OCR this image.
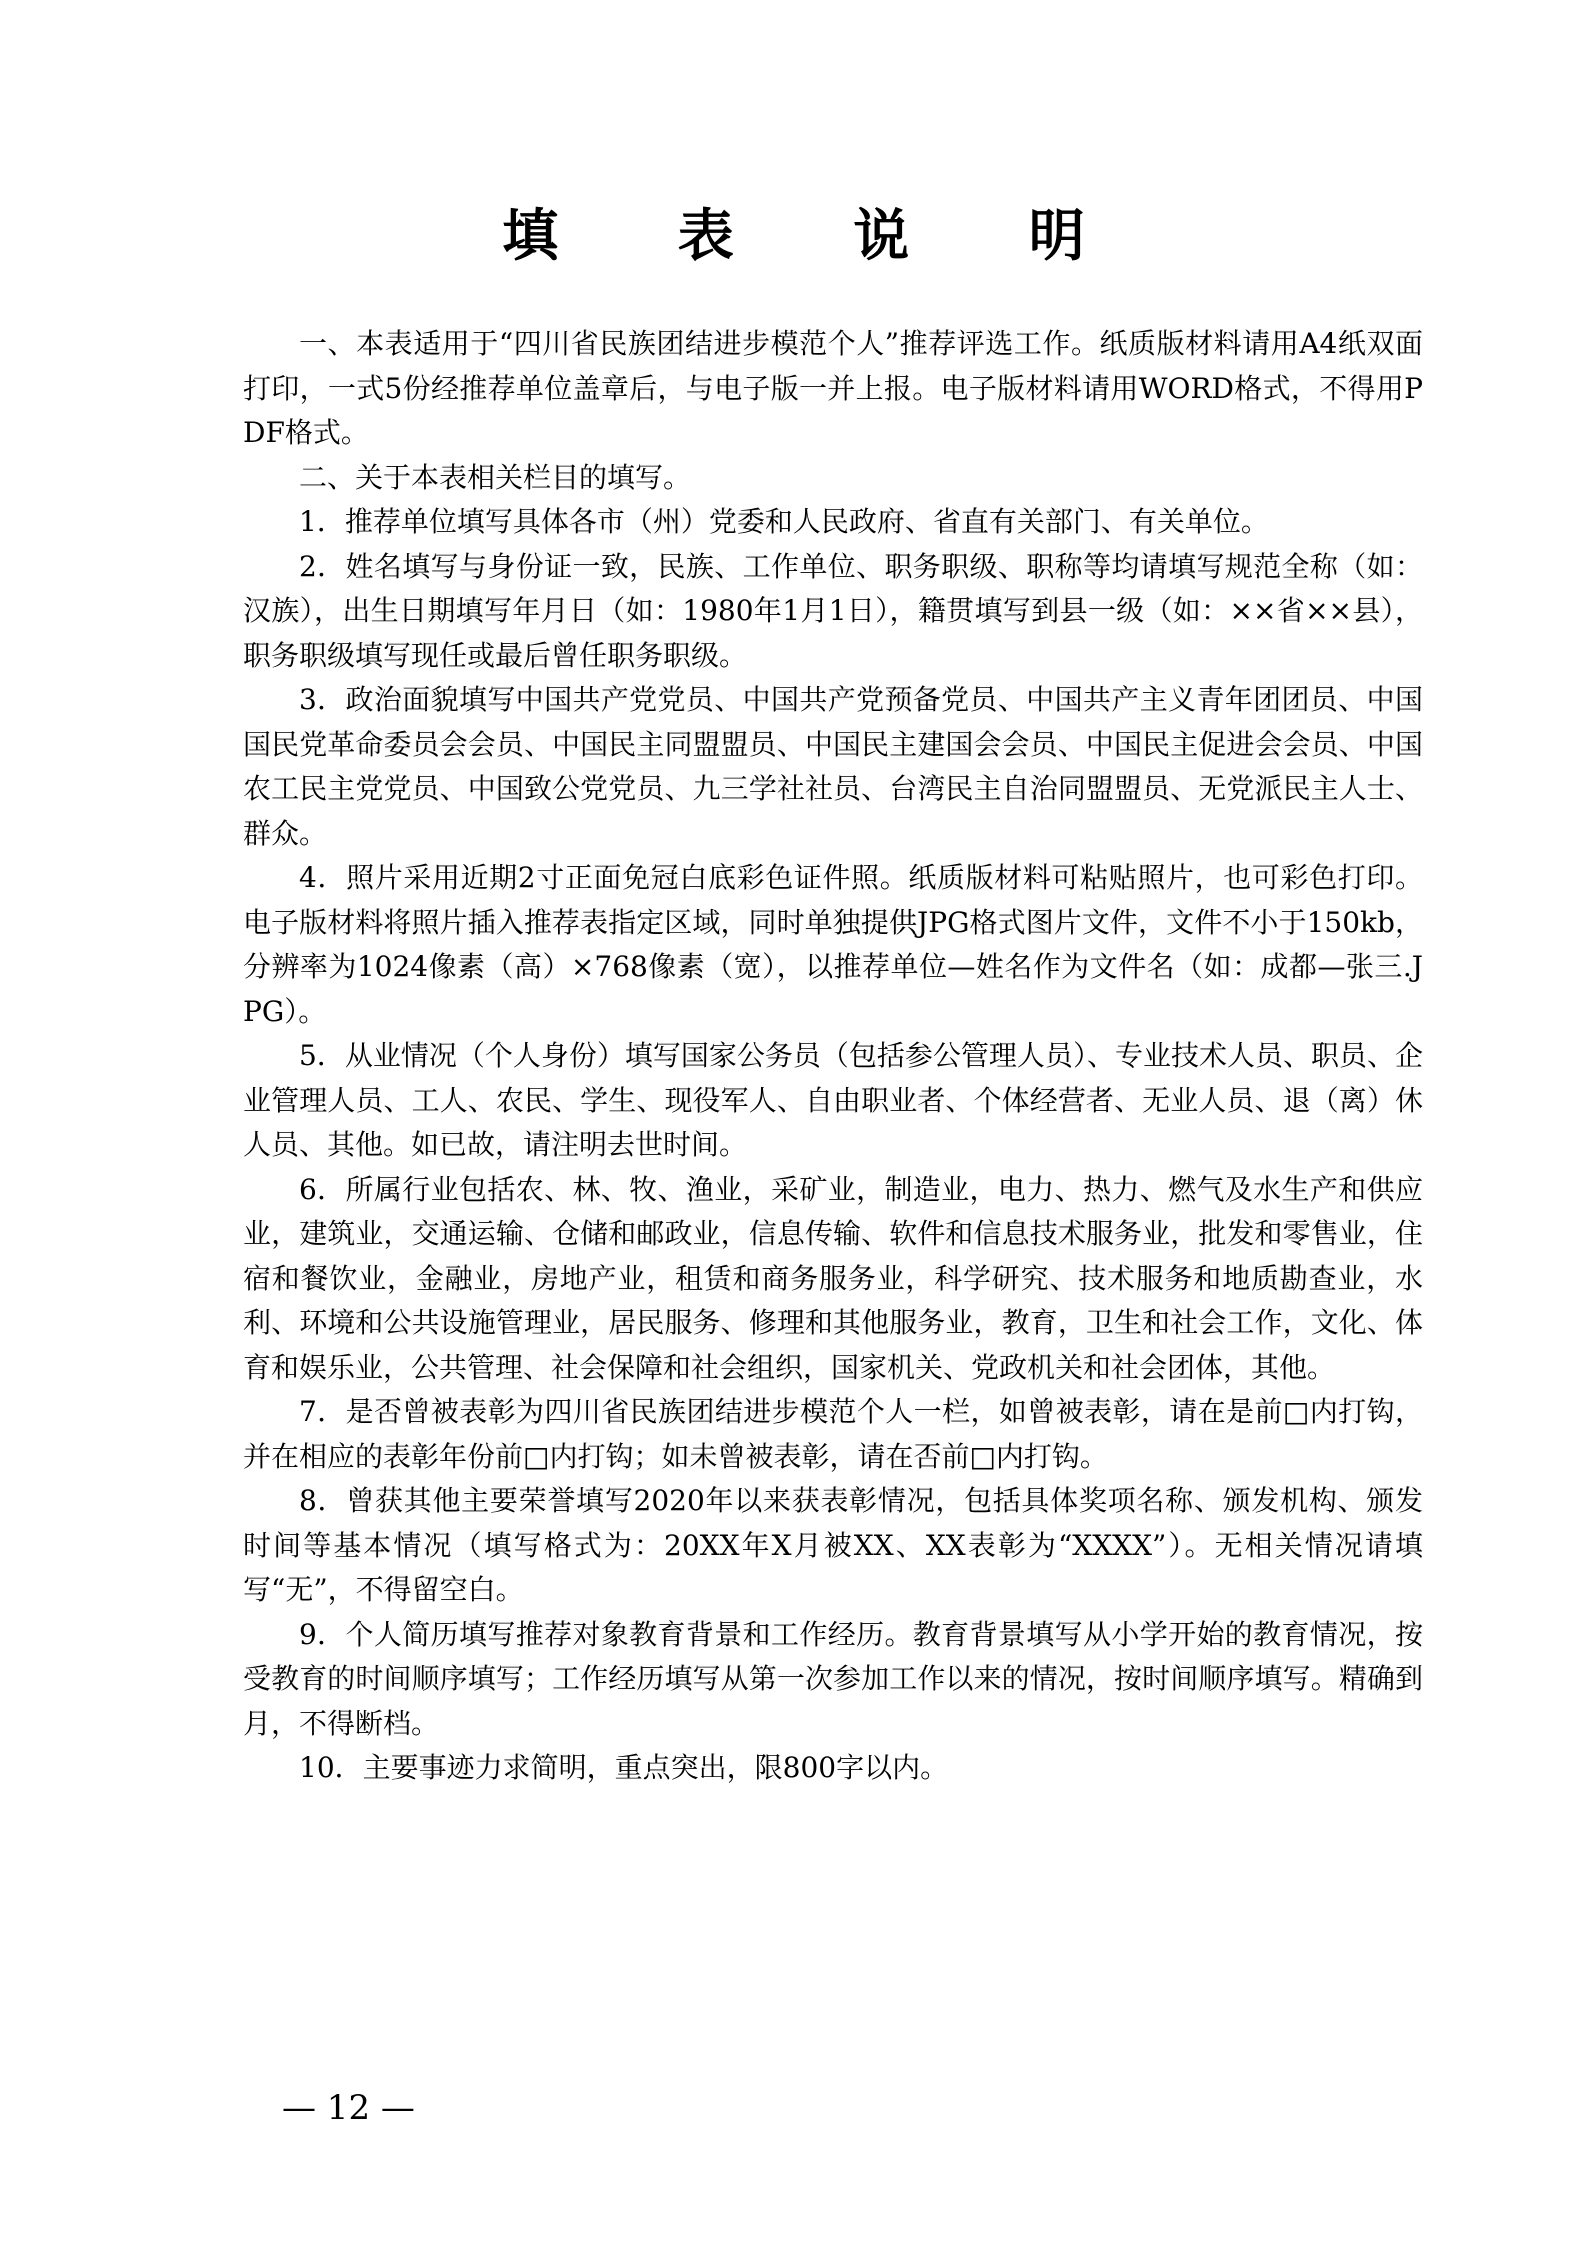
填 表 说 明

一、本表适用于“四川省民族团结进步模范个人”推荐评选工作。纸质版材料请用A4纸双面打印，一式5份经推荐单位盖章后，与电子版一并上报。电子版材料请用WORD格式，不得用PDF格式。

二、关于本表相关栏目的填写。

1．推荐单位填写具体各市（州）党委和人民政府、省直有关部门、有关单位。

2．姓名填写与身份证一致，民族、工作单位、职务职级、职称等均请填写规范全称（如：汉族），出生日期填写年月日（如：1980年1月1日），籍贯填写到县一级（如：××省××县），职务职级填写现任或最后曾任职务职级。

3．政治面貌填写中国共产党党员、中国共产党预备党员、中国共产主义青年团团员、中国国民党革命委员会会员、中国民主同盟盟员、中国民主建国会会员、中国民主促进会会员、中国农工民主党党员、中国致公党党员、九三学社社员、台湾民主自治同盟盟员、无党派民主人士、群众。

4．照片采用近期2寸正面免冠白底彩色证件照。纸质版材料可粘贴照片，也可彩色打印。电子版材料将照片插入推荐表指定区域，同时单独提供JPG格式图片文件，文件不小于150kb，分辨率为1024像素（高）×768像素（宽），以推荐单位—姓名作为文件名（如：成都—张三.JPG）。

5．从业情况（个人身份）填写国家公务员（包括参公管理人员）、专业技术人员、职员、企业管理人员、工人、农民、学生、现役军人、自由职业者、个体经营者、无业人员、退（离）休人员、其他。如已故，请注明去世时间。

6．所属行业包括农、林、牧、渔业，采矿业，制造业，电力、热力、燃气及水生产和供应业，建筑业，交通运输、仓储和邮政业，信息传输、软件和信息技术服务业，批发和零售业，住宿和餐饮业，金融业，房地产业，租赁和商务服务业，科学研究、技术服务和地质勘查业，水利、环境和公共设施管理业，居民服务、修理和其他服务业，教育，卫生和社会工作，文化、体育和娱乐业，公共管理、社会保障和社会组织，国家机关、党政机关和社会团体，其他。

7．是否曾被表彰为四川省民族团结进步模范个人一栏，如曾被表彰，请在是前□内打钩，并在相应的表彰年份前□内打钩；如未曾被表彰，请在否前□内打钩。

8．曾获其他主要荣誉填写2020年以来获表彰情况，包括具体奖项名称、颁发机构、颁发时间等基本情况（填写格式为：20XX年X月被XX、XX表彰为“XXXX”）。无相关情况请填写“无”，不得留空白。

9．个人简历填写推荐对象教育背景和工作经历。教育背景填写从小学开始的教育情况，按受教育的时间顺序填写；工作经历填写从第一次参加工作以来的情况，按时间顺序填写。精确到月，不得断档。

10．主要事迹力求简明，重点突出，限800字以内。

— 12 —
